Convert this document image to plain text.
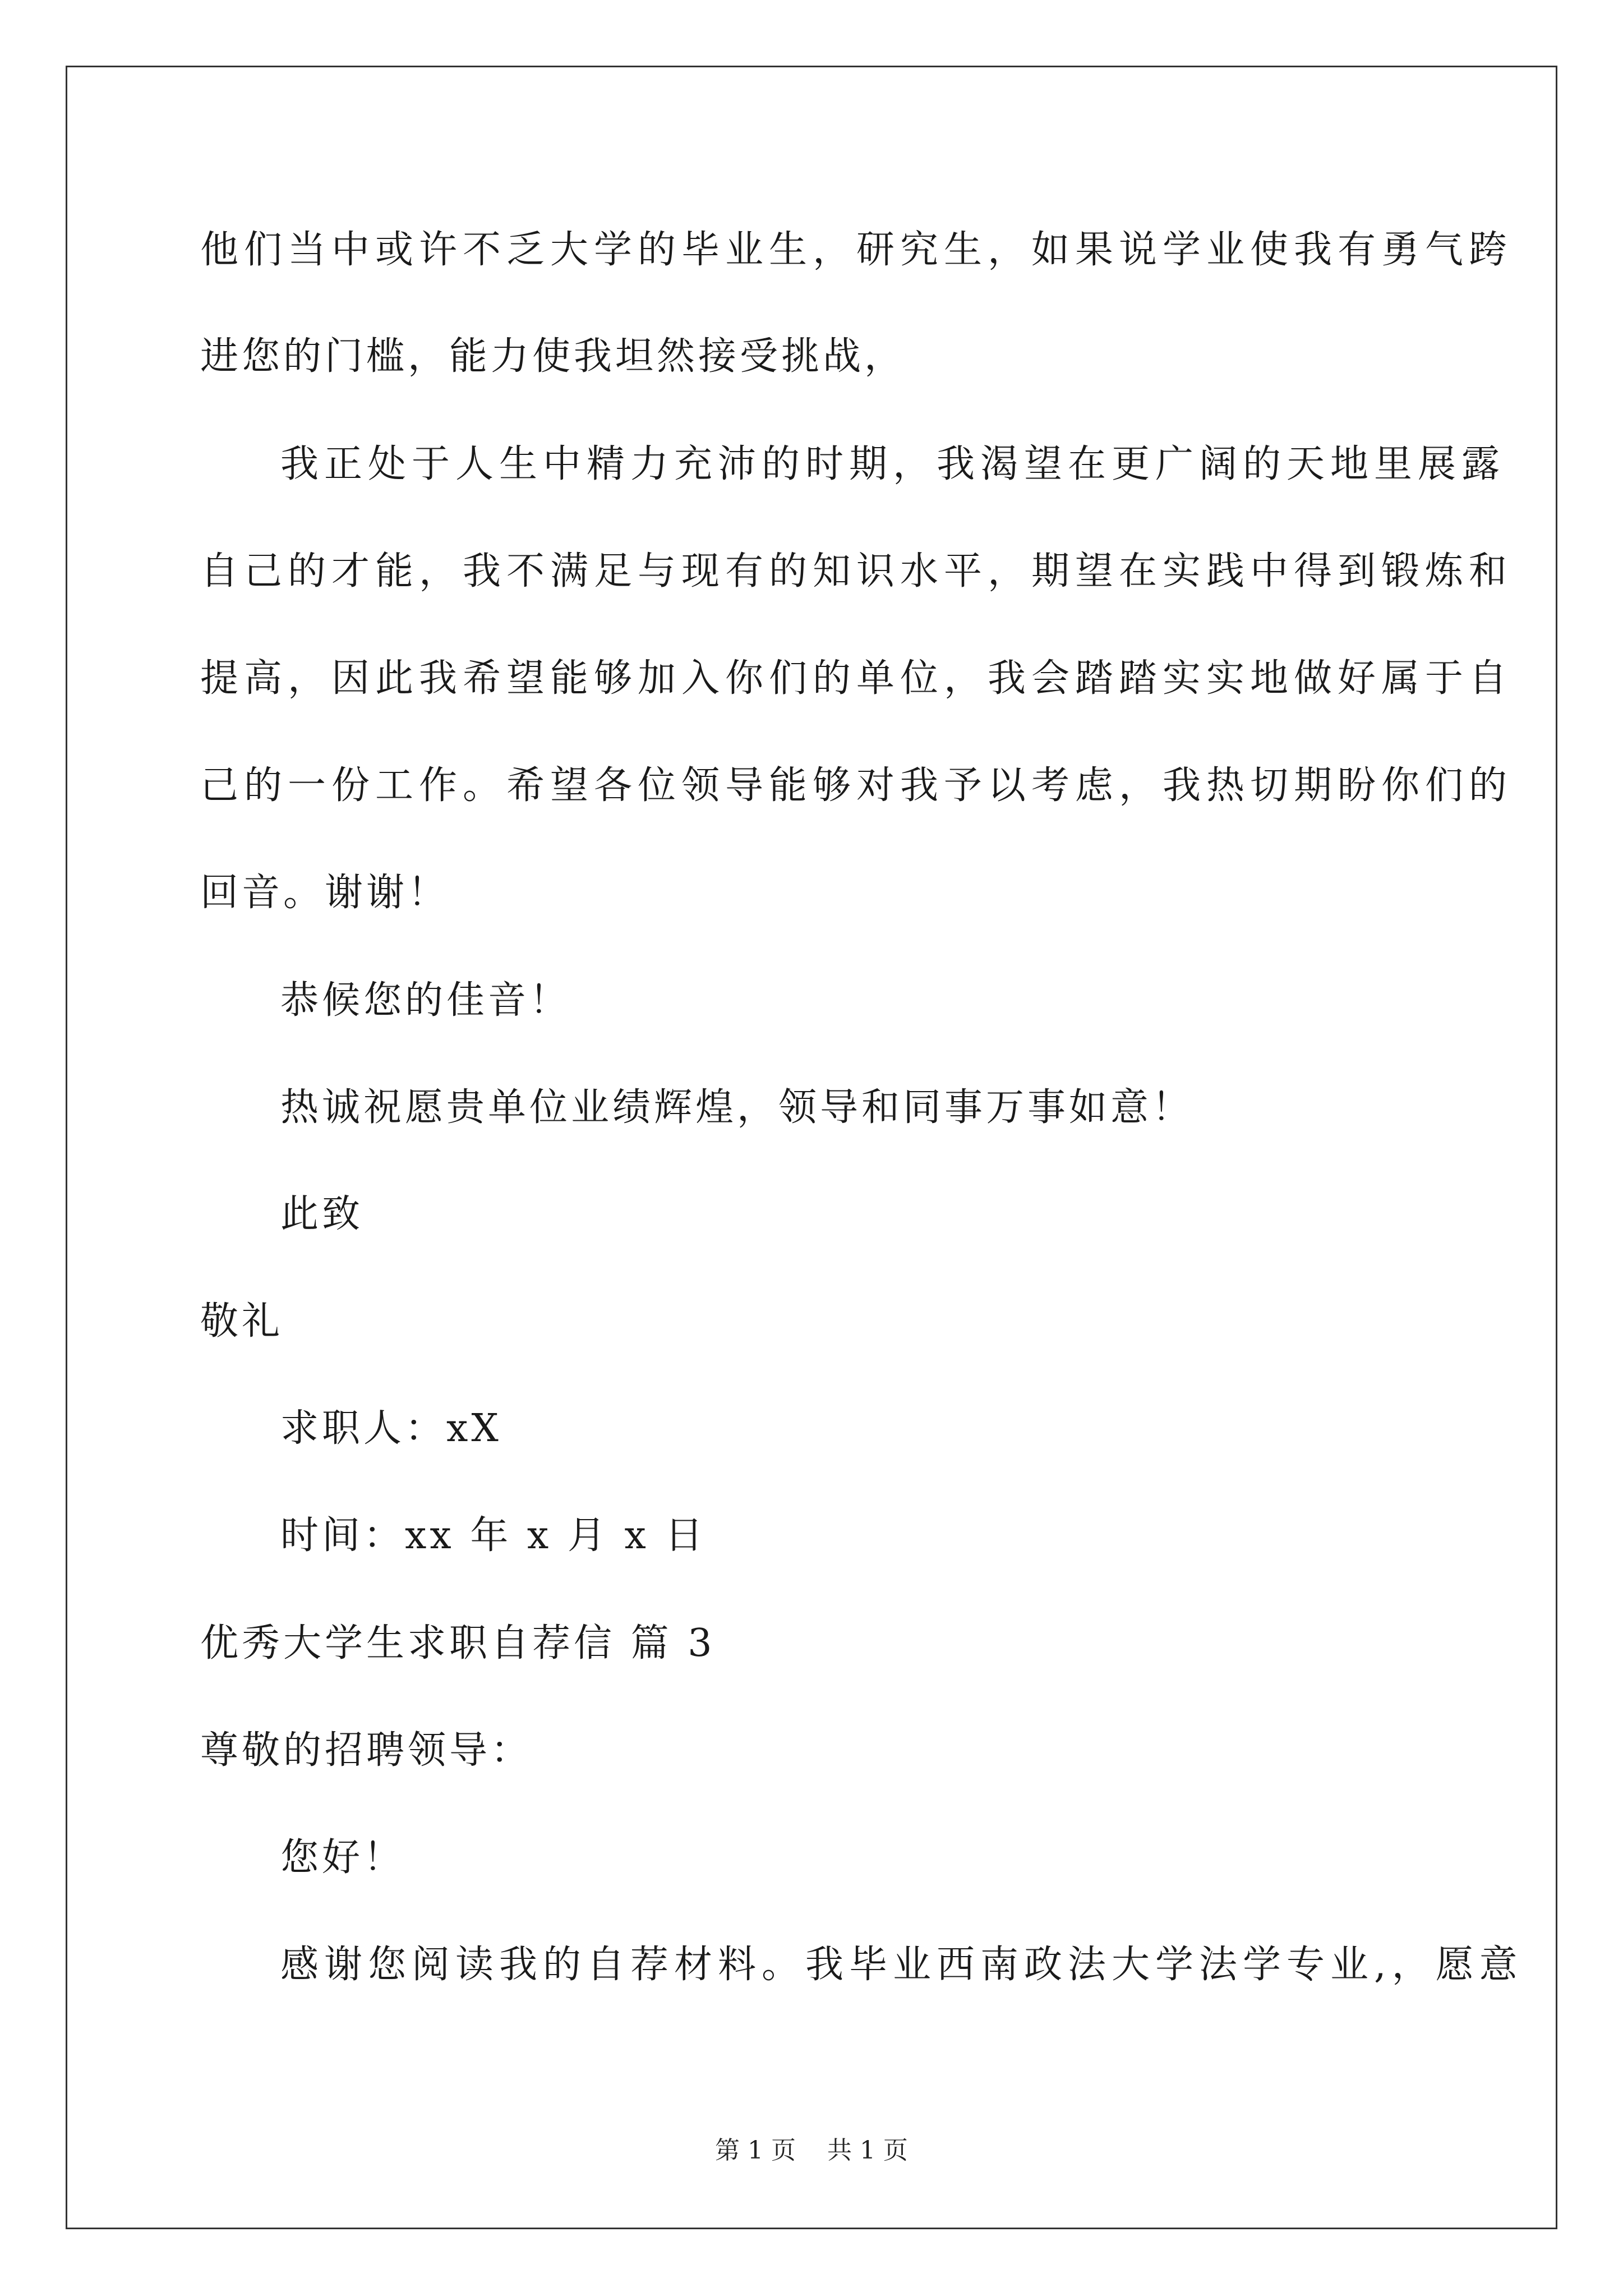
他们当中或许不乏大学的毕业生，研究生，如果说学业使我有勇气跨
进您的门槛，能力使我坦然接受挑战，
我正处于人生中精力充沛的时期，我渴望在更广阔的天地里展露
自己的才能，我不满足与现有的知识水平，期望在实践中得到锻炼和
提高，因此我希望能够加入你们的单位，我会踏踏实实地做好属于自
己的一份工作。希望各位领导能够对我予以考虑，我热切期盼你们的
回音。谢谢！
恭候您的佳音！
热诚祝愿贵单位业绩辉煌，领导和同事万事如意！
此致
敬礼
求职人：xX
时间：xx 年 x 月 x 日
优秀大学生求职自荐信 篇 3
尊敬的招聘领导：
您好！
感谢您阅读我的自荐材料。我毕业西南政法大学法学专业,，愿意
第 1 页    共 1 页
